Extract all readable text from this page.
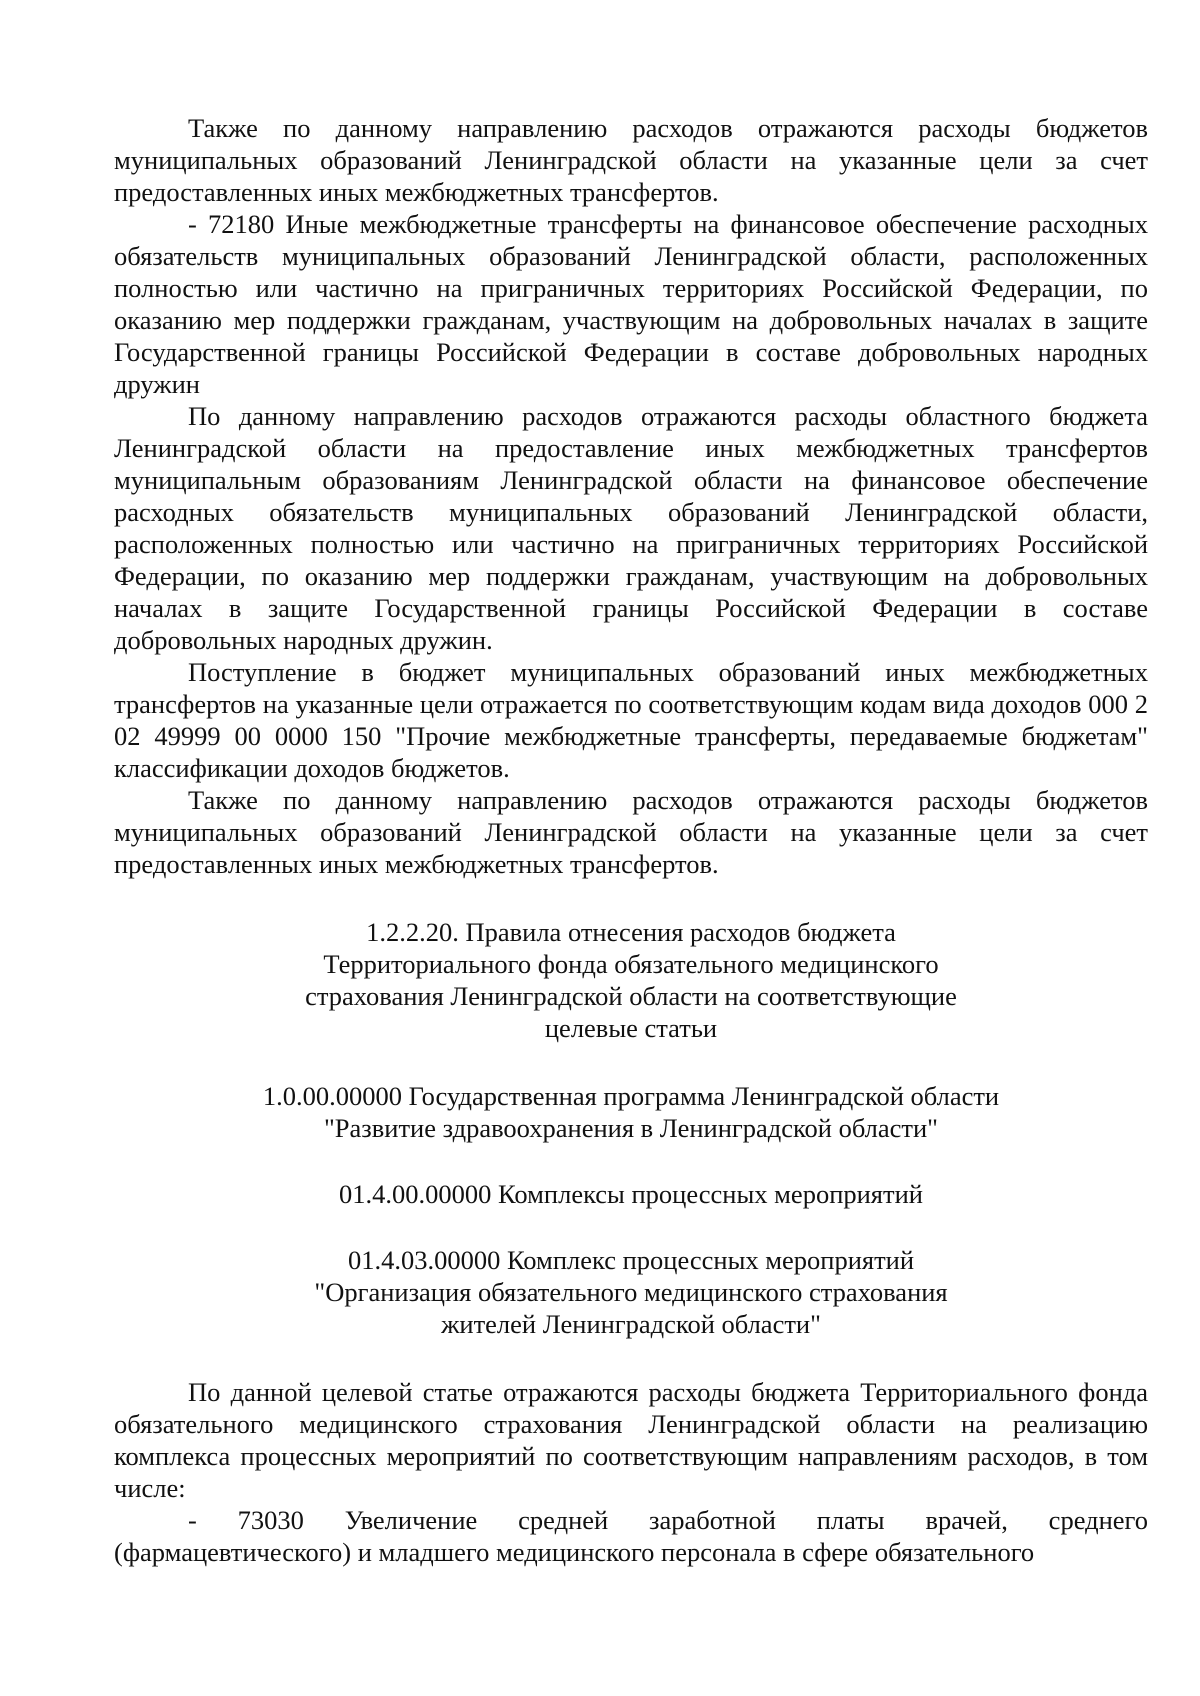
Также по данному направлению расходов отражаются расходы бюджетов муниципальных образований Ленинградской области на указанные цели за счет предоставленных иных межбюджетных трансфертов.

- 72180 Иные межбюджетные трансферты на финансовое обеспечение расходных обязательств муниципальных образований Ленинградской области, расположенных полностью или частично на приграничных территориях Российской Федерации, по оказанию мер поддержки гражданам, участвующим на добровольных началах в защите Государственной границы Российской Федерации в составе добровольных народных дружин

По данному направлению расходов отражаются расходы областного бюджета Ленинградской области на предоставление иных межбюджетных трансфертов муниципальным образованиям Ленинградской области на финансовое обеспечение расходных обязательств муниципальных образований Ленинградской области, расположенных полностью или частично на приграничных территориях Российской Федерации, по оказанию мер поддержки гражданам, участвующим на добровольных началах в защите Государственной границы Российской Федерации в составе добровольных народных дружин.

Поступление в бюджет муниципальных образований иных межбюджетных трансфертов на указанные цели отражается по соответствующим кодам вида доходов 000 2 02 49999 00 0000 150 "Прочие межбюджетные трансферты, передаваемые бюджетам" классификации доходов бюджетов.

Также по данному направлению расходов отражаются расходы бюджетов муниципальных образований Ленинградской области на указанные цели за счет предоставленных иных межбюджетных трансфертов.

1.2.2.20. Правила отнесения расходов бюджета
Территориального фонда обязательного медицинского
страхования Ленинградской области на соответствующие
целевые статьи

1.0.00.00000 Государственная программа Ленинградской области
"Развитие здравоохранения в Ленинградской области"

01.4.00.00000 Комплексы процессных мероприятий

01.4.03.00000 Комплекс процессных мероприятий
"Организация обязательного медицинского страхования
жителей Ленинградской области"

По данной целевой статье отражаются расходы бюджета Территориального фонда обязательного медицинского страхования Ленинградской области на реализацию комплекса процессных мероприятий по соответствующим направлениям расходов, в том числе:

- 73030 Увеличение средней заработной платы врачей, среднего (фармацевтического) и младшего медицинского персонала в сфере обязательного
